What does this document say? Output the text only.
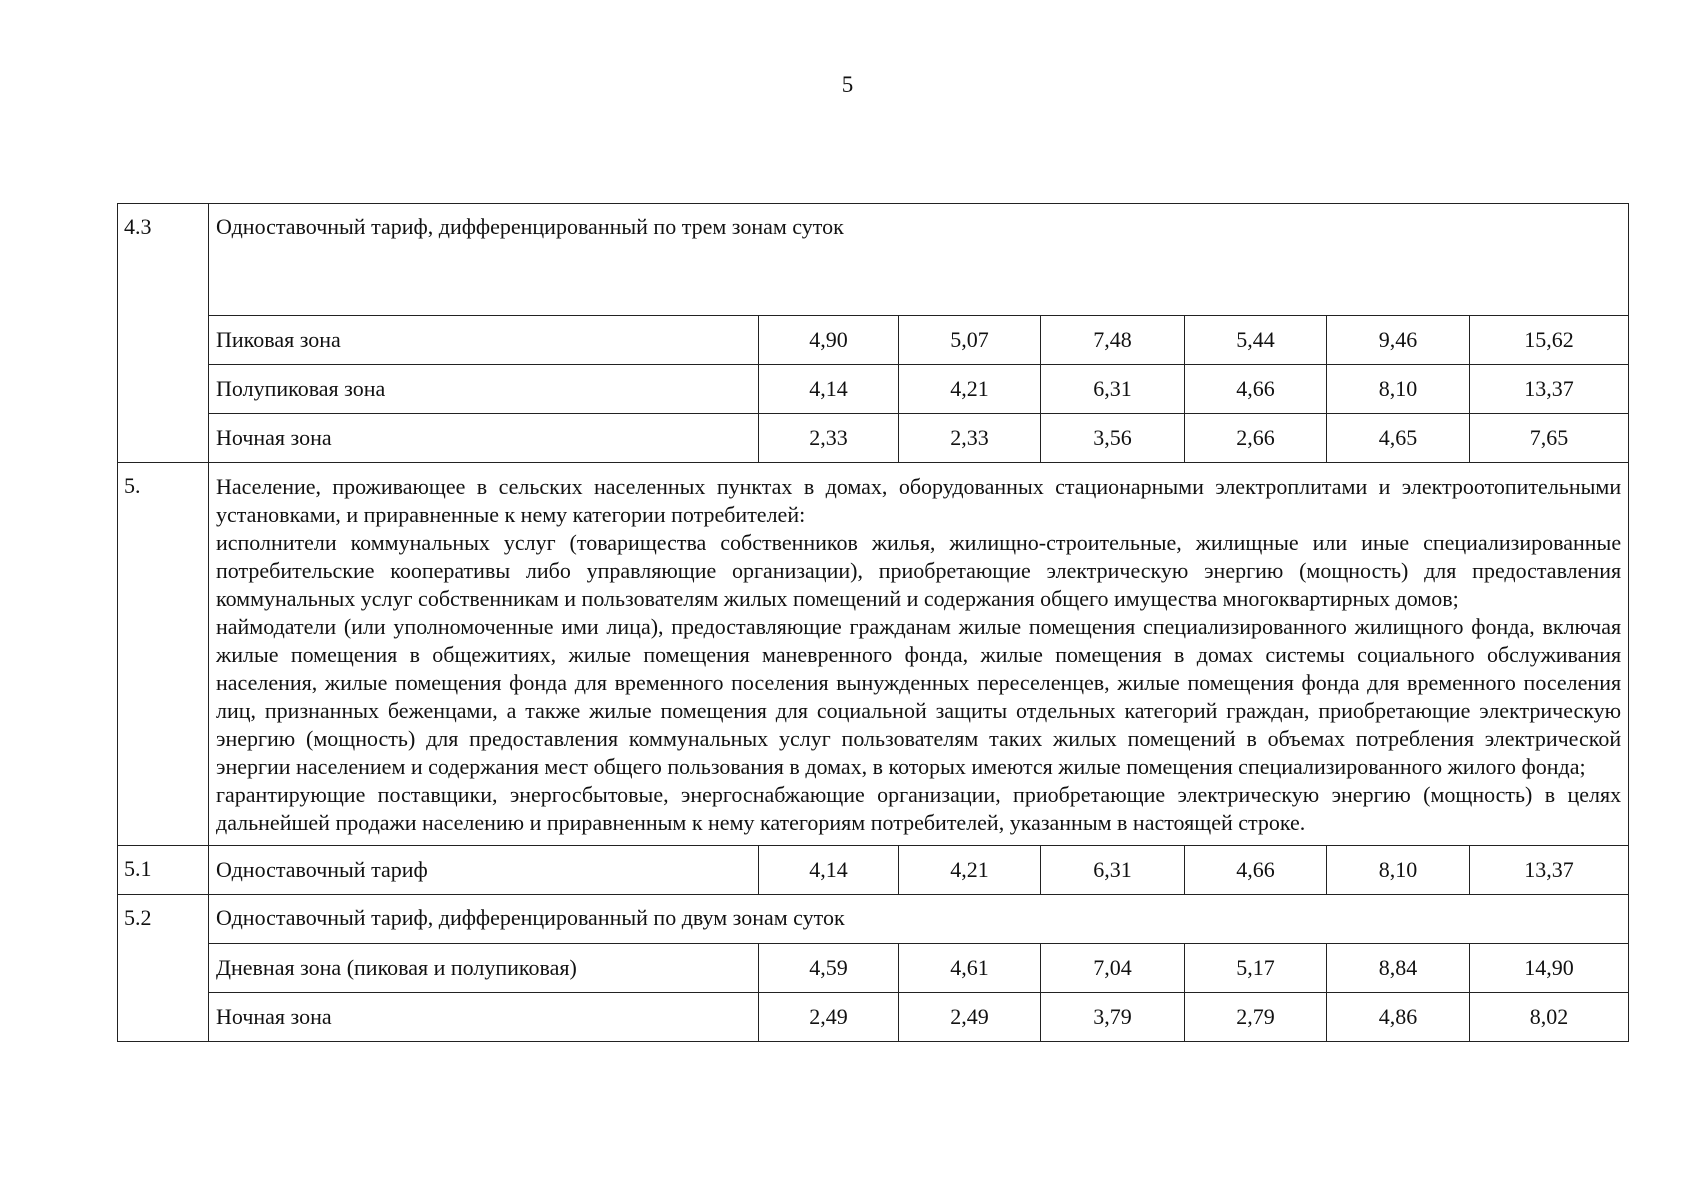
5
4.3	Одноставочный тариф, дифференцированный по трем зонам суток						
	Пиковая зона	4,90	5,07	7,48	5,44	9,46	15,62
	Полупиковая зона	4,14	4,21	6,31	4,66	8,10	13,37
	Ночная зона	2,33	2,33	3,56	2,66	4,65	7,65
5.	Население, проживающее в сельских населенных пунктах в домах, оборудованных стационарными электроплитами и электроотопительными установками, и приравненные к нему категории потребителей:

исполнители коммунальных услуг (товарищества собственников жилья, жилищно-строительные, жилищные или иные специализированные потребительские кооперативы либо управляющие организации), приобретающие электрическую энергию (мощность) для предоставления коммунальных услуг собственникам и пользователям жилых помещений и содержания общего имущества многоквартирных домов;

наймодатели (или уполномоченные ими лица), предоставляющие гражданам жилые помещения специализированного жилищного фонда, включая жилые помещения в общежитиях, жилые помещения маневренного фонда, жилые помещения в домах системы социального обслуживания населения, жилые помещения фонда для временного поселения вынужденных переселенцев, жилые помещения фонда для временного поселения лиц, признанных беженцами, а также жилые помещения для социальной защиты отдельных категорий граждан, приобретающие электрическую энергию (мощность) для предоставления коммунальных услуг пользователям таких жилых помещений в объемах потребления электрической энергии населением и содержания мест общего пользования в домах, в которых имеются жилые помещения специализированного жилого фонда;

гарантирующие поставщики, энергосбытовые, энергоснабжающие организации, приобретающие электрическую энергию (мощность) в целях дальнейшей продажи населению и приравненным к нему категориям потребителей, указанным в настоящей строке.						

5.1	Одноставочный тариф	4,14	4,21	6,31	4,66	8,10	13,37
5.2	Одноставочный тариф, дифференцированный по двум зонам суток						
	Дневная зона (пиковая и полупиковая)	4,59	4,61	7,04	5,17	8,84	14,90
	Ночная зона	2,49	2,49	3,79	2,79	4,86	8,02
